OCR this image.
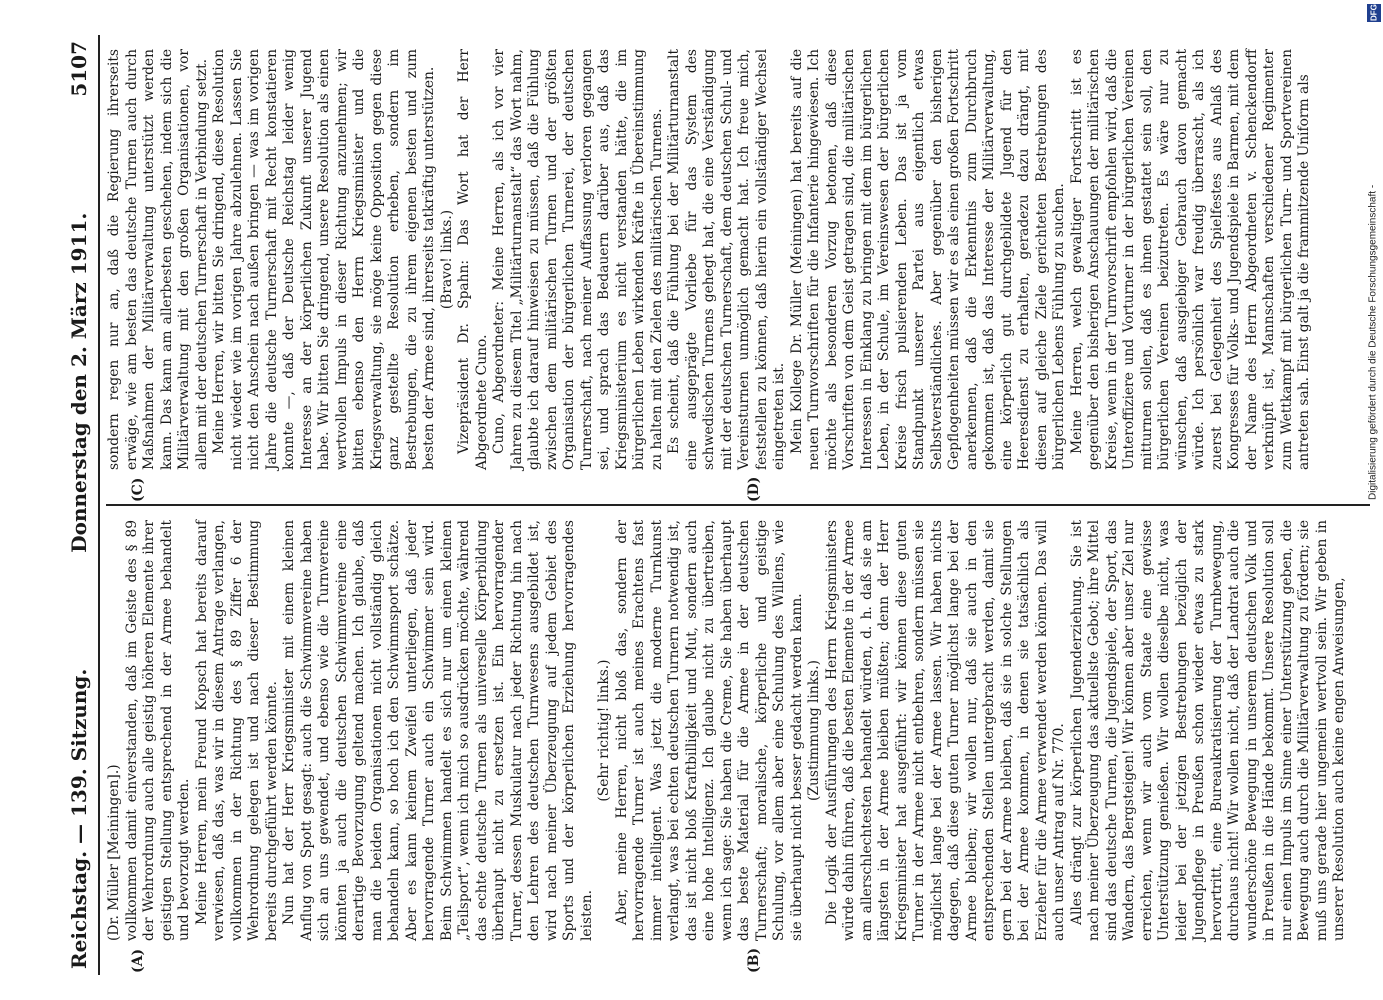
Reichstag. — 139. Sitzung.
Donnerstag den 2. März 1911.
5107
(A)	(B)

(Dr. Müller [Meiningen].) vollkommen damit einverstanden, daß im Geiste des § 89 der Wehrordnung auch alle geistig höheren Elemente ihrer geistigen Stellung entsprechend in der Armee behandelt und bevorzugt werden. Meine Herren, mein Freund Kopsch hat bereits darauf verwiesen, daß das, was wir in diesem Antrage verlangen, vollkommen in der Richtung des § 89 Ziffer 6 der Wehrordnung gelegen ist und nach dieser Bestimmung bereits durchgeführt werden könnte. Nun hat der Herr Kriegsminister mit einem kleinen Anflug von Spott gesagt: auch die Schwimmvereine haben sich an uns gewendet, und ebenso wie die Turnvereine könnten ja auch die deutschen Schwimmvereine eine derartige Bevorzugung geltend machen. Ich glaube, daß man die beiden Organisationen nicht vollständig gleich behandeln kann, so hoch ich den Schwimmsport schätze. Aber es kann keinem Zweifel unterliegen, daß jeder hervorragende Turner auch ein Schwimmer sein wird. Beim Schwimmen handelt es sich nur um einen kleinen „Teilsport“, wenn ich mich so ausdrücken möchte, während das echte deutsche Turnen als universelle Körperbildung überhaupt nicht zu ersetzen ist. Ein hervorragender Turner, dessen Muskulatur nach jeder Richtung hin nach den Lehren des deutschen Turnwesens ausgebildet ist, wird nach meiner Überzeugung auf jedem Gebiet des Sports und der körperlichen Erziehung hervorragendes leisten.

(Sehr richtig! links.) Aber, meine Herren, nicht bloß das, sondern der hervorragende Turner ist auch meines Erachtens fast immer intelligent. Was jetzt die moderne Turnkunst verlangt, was bei echten deutschen Turnern notwendig ist, das ist nicht bloß Kraftbilligkeit und Mut, sondern auch eine hohe Intelligenz. Ich glaube nicht zu übertreiben, wenn ich sage: Sie haben die Creme, Sie haben überhaupt das beste Material für die Armee in der deutschen Turnerschaft; moralische, körperliche und geistige Schulung, vor allem aber eine Schulung des Willens, wie sie überhaupt nicht besser gedacht werden kann. (Zustimmung links.) Die Logik der Ausführungen des Herrn Kriegsministers würde dahin führen, daß die besten Elemente in der Armee am allerschlechtesten behandelt würden, d. h. daß sie am längsten in der Armee bleiben müßten; denn der Herr Kriegsminister hat ausgeführt: wir können diese guten Turner in der Armee nicht entbehren, sondern müssen sie möglichst lange bei der Armee lassen. Wir haben nichts dagegen, daß diese guten Turner möglichst lange bei der Armee bleiben; wir wollen nur, daß sie auch in den entsprechenden Stellen untergebracht werden, damit sie gern bei der Armee bleiben, daß sie in solche Stellungen bei der Armee kommen, in denen sie tatsächlich als Erzieher für die Armee verwendet werden können. Das will auch unser Antrag auf Nr. 770. Alles drängt zur körperlichen Jugenderziehung. Sie ist nach meiner Überzeugung das aktuellste Gebot; ihre Mittel sind das deutsche Turnen, die Jugendspiele, der Sport, das Wandern, das Bergsteigen! Wir können aber unser Ziel nur erreichen, wenn wir auch vom Staate eine gewisse Unterstützung genießen. Wir wollen dieselbe nicht, was leider bei der jetzigen Bestrebungen bezüglich der Jugendpflege in Preußen schon wieder etwas zu stark hervortritt, eine Bureaukratisierung der Turnbewegung, durchaus nicht! Wir wollen nicht, daß der Landrat auch die wunderschöne Bewegung in unserem deutschen Volk und in Preußen in die Hände bekommt. Unsere Resolution soll nur einen Impuls im Sinne einer Unterstützung geben, die Bewegung auch durch die Militärverwaltung zu fördern; sie muß uns gerade hier ungemein wertvoll sein. Wir geben in unserer Resolution auch keine engen Anweisungen,

(C)	(D)

sondern regen nur an, daß die Regierung ihrerseits erwäge, wie am besten das deutsche Turnen auch durch Maßnahmen der Militärverwaltung unterstützt werden kann. Das kann am allerbesten geschehen, indem sich die Militärverwaltung mit den großen Organisationen, vor allem mit der deutschen Turnerschaft in Verbindung setzt. Meine Herren, wir bitten Sie dringend, diese Resolution nicht wieder wie im vorigen Jahre abzulehnen. Lassen Sie nicht den Anschein nach außen bringen — was im vorigen Jahre die deutsche Turnerschaft mit Recht konstatieren konnte —, daß der Deutsche Reichstag leider wenig Interesse an der körperlichen Zukunft unserer Jugend habe. Wir bitten Sie dringend, unsere Resolution als einen wertvollen Impuls in dieser Richtung anzunehmen; wir bitten ebenso den Herrn Kriegsminister und die Kriegsverwaltung, sie möge keine Opposition gegen diese ganz gestellte Resolution erheben, sondern im Bestrebungen, die zu ihrem eigenen besten und zum besten der Armee sind, ihrerseits tatkräftig unterstützen. (Bravo! links.) Vizepräsident Dr. Spahn: Das Wort hat der Herr Abgeordnete Cuno. Cuno, Abgeordneter: Meine Herren, als ich vor vier Jahren zu diesem Titel „Militärturnanstalt“ das Wort nahm, glaubte ich darauf hinweisen zu müssen, daß die Fühlung zwischen dem militärischen Turnen und der größten Organisation der bürgerlichen Turnerei, der deutschen Turnerschaft, nach meiner Auffassung verloren gegangen sei, und sprach das Bedauern darüber aus, daß das Kriegsministerium es nicht verstanden hätte, die im bürgerlichen Leben wirkenden Kräfte in Übereinstimmung zu halten mit den Zielen des militärischen Turnens. Es scheint, daß die Fühlung bei der Militärturnanstalt eine ausgeprägte Vorliebe für das System des schwedischen Turnens gehegt hat, die eine Verständigung mit der deutschen Turnerschaft, dem deutschen Schul- und Vereinsturnen unmöglich gemacht hat. Ich freue mich, feststellen zu können, daß hierin ein vollständiger Wechsel eingetreten ist. Mein Kollege Dr. Müller (Meiningen) hat bereits auf die neuen Turnvorschriften für die Infanterie hingewiesen. Ich möchte als besonderen Vorzug betonen, daß diese Vorschriften von dem Geist getragen sind, die militärischen Interessen in Einklang zu bringen mit dem im bürgerlichen Leben, in der Schule, im Vereinswesen der bürgerlichen Kreise frisch pulsierenden Leben. Das ist ja vom Standpunkt unserer Partei aus eigentlich etwas Selbstverständliches. Aber gegenüber den bisherigen Gepflogenheiten müssen wir es als einen großen Fortschritt anerkennen, daß die Erkenntnis zum Durchbruch gekommen ist, daß das Interesse der Militärverwaltung, eine körperlich gut durchgebildete Jugend für den Heeresdienst zu erhalten, geradezu dazu drängt, mit diesen auf gleiche Ziele gerichteten Bestrebungen des bürgerlichen Lebens Fühlung zu suchen. Meine Herren, welch gewaltiger Fortschritt ist es gegenüber den bisherigen Anschauungen der militärischen Kreise, wenn in der Turnvorschrift empfohlen wird, daß die Unteroffiziere und Vorturner in der bürgerlichen Vereinen mitturnen sollen, daß es ihnen gestattet sein soll, den bürgerlichen Vereinen beizutreten. Es wäre nur zu wünschen, daß ausgiebiger Gebrauch davon gemacht würde. Ich persönlich war freudig überrascht, als ich zuerst bei Gelegenheit des Spielfestes aus Anlaß des Kongresses für Volks- und Jugendspiele in Barmen, mit dem der Name des Herrn Abgeordneten v. Schenckendorff verknüpft ist, Mannschaften verschiedener Regimenter zum Wettkampf mit bürgerlichen Turn- und Sportvereinen antreten sah. Einst galt ja die frammitzende Uniform als

DFG
Digitalisierung gefördert durch die Deutsche Forschungsgemeinschaft -
